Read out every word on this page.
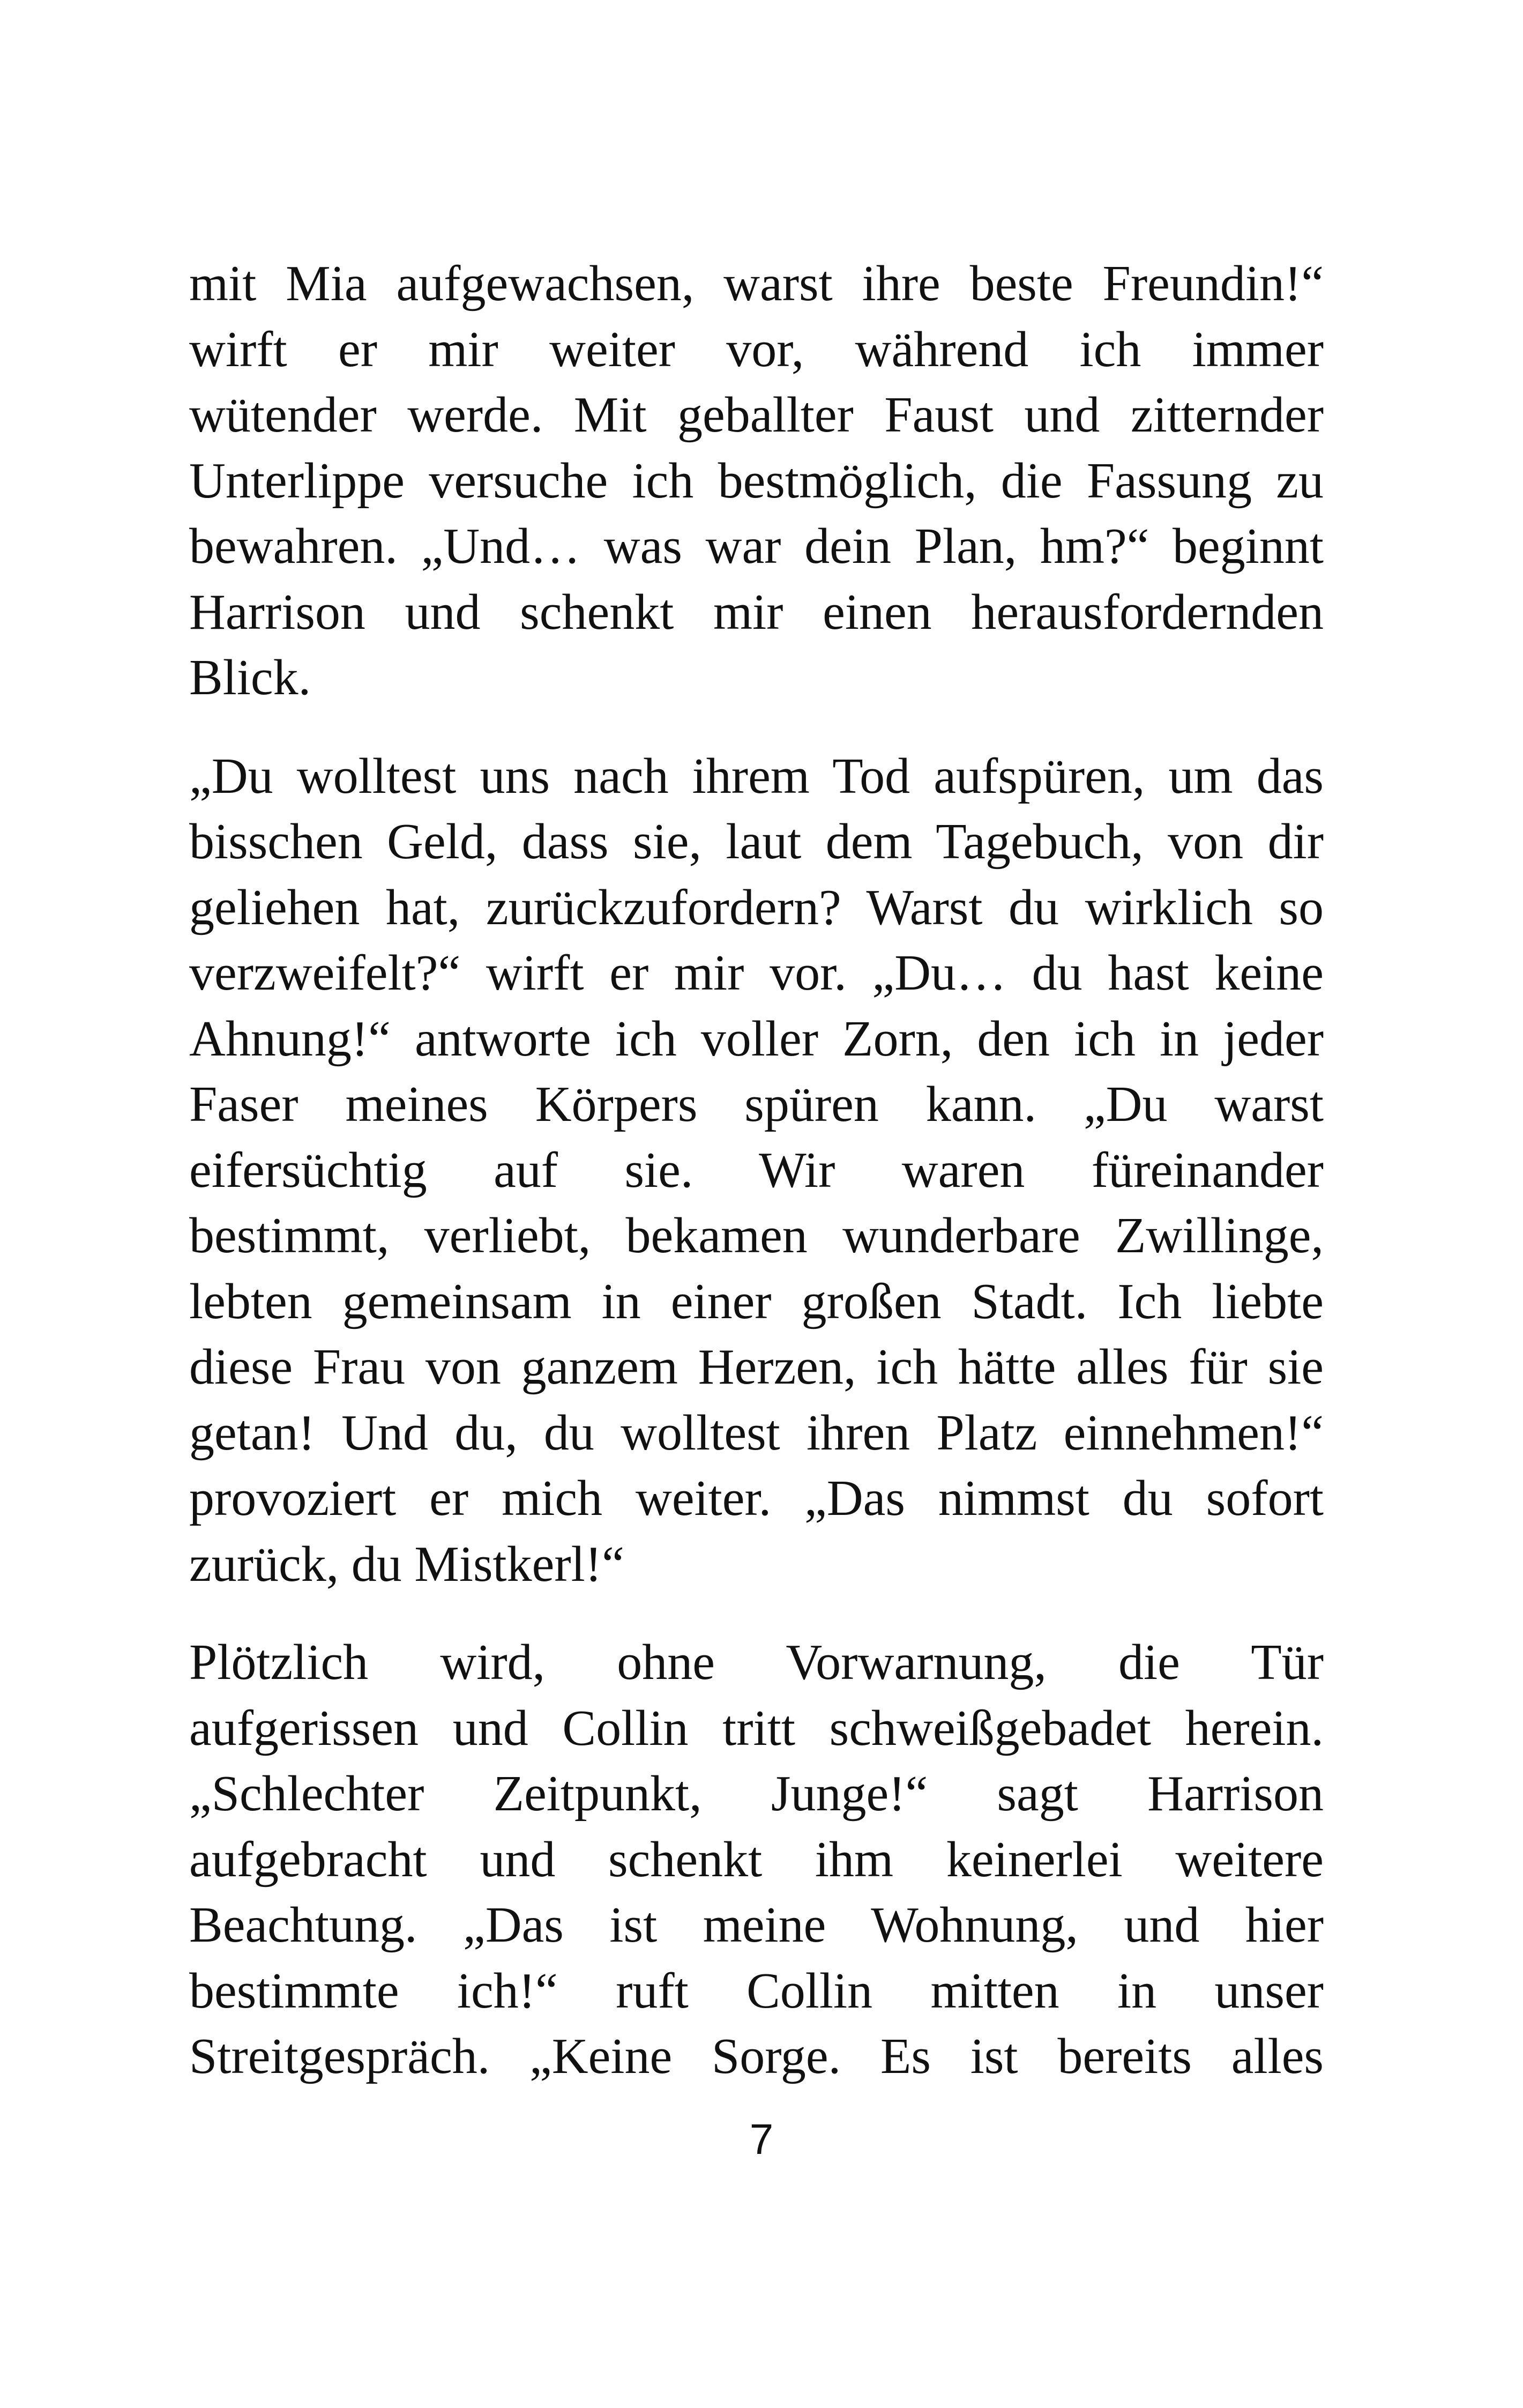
mit Mia aufgewachsen, warst ihre beste Freundin!“
wirft er mir weiter vor, während ich immer
wütender werde. Mit geballter Faust und zitternder
Unterlippe versuche ich bestmöglich, die Fassung zu
bewahren. „Und… was war dein Plan, hm?“ beginnt
Harrison und schenkt mir einen herausfordernden
Blick.

„Du wolltest uns nach ihrem Tod aufspüren, um das
bisschen Geld, dass sie, laut dem Tagebuch, von dir
geliehen hat, zurückzufordern? Warst du wirklich so
verzweifelt?“ wirft er mir vor. „Du… du hast keine
Ahnung!“ antworte ich voller Zorn, den ich in jeder
Faser meines Körpers spüren kann. „Du warst
eifersüchtig auf sie. Wir waren füreinander
bestimmt, verliebt, bekamen wunderbare Zwillinge,
lebten gemeinsam in einer großen Stadt. Ich liebte
diese Frau von ganzem Herzen, ich hätte alles für sie
getan! Und du, du wolltest ihren Platz einnehmen!“
provoziert er mich weiter. „Das nimmst du sofort
zurück, du Mistkerl!“

Plötzlich wird, ohne Vorwarnung, die Tür
aufgerissen und Collin tritt schweißgebadet herein.
„Schlechter Zeitpunkt, Junge!“ sagt Harrison
aufgebracht und schenkt ihm keinerlei weitere
Beachtung. „Das ist meine Wohnung, und hier
bestimmte ich!“ ruft Collin mitten in unser
Streitgespräch. „Keine Sorge. Es ist bereits alles

7
